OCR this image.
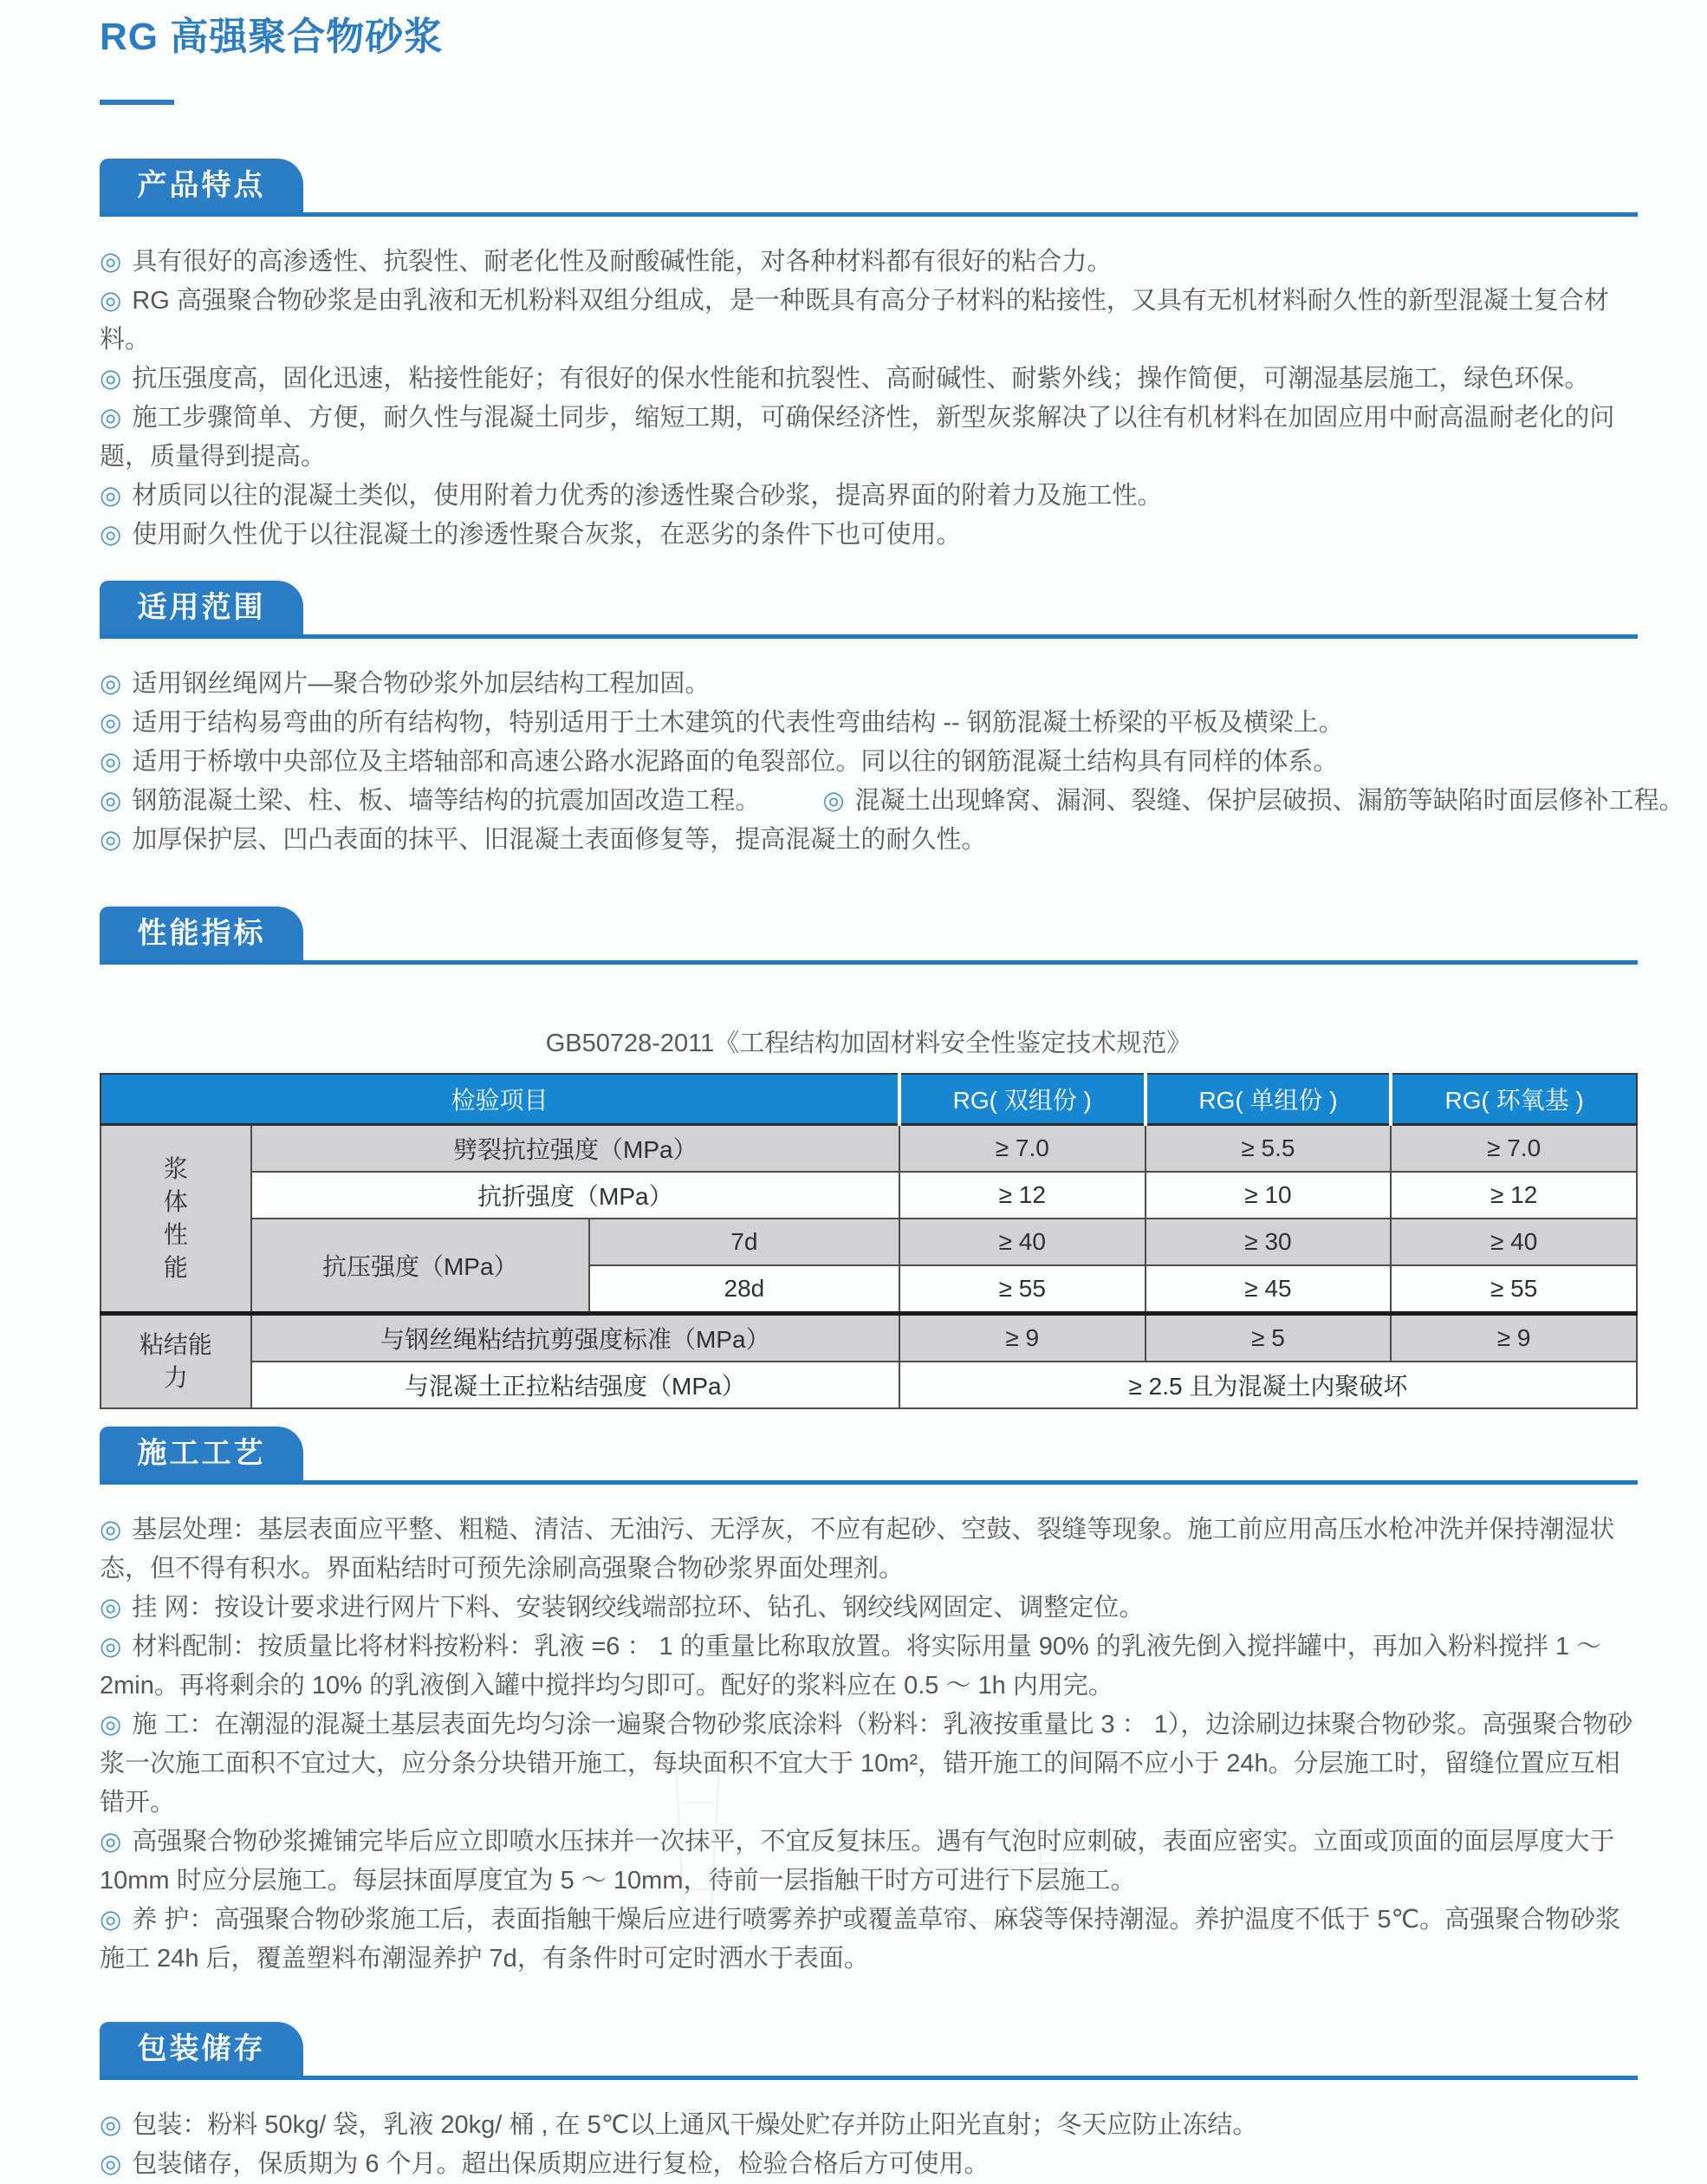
RG 高强聚合物砂浆
产品特点

◎ 具有很好的高渗透性、抗裂性、耐老化性及耐酸碱性能，对各种材料都有很好的粘合力。

◎ RG 高强聚合物砂浆是由乳液和无机粉料双组分组成，是一种既具有高分子材料的粘接性，又具有无机材料耐久性的新型混凝土复合材料。

◎ 抗压强度高，固化迅速，粘接性能好；有很好的保水性能和抗裂性、高耐碱性、耐紫外线；操作简便，可潮湿基层施工，绿色环保。

◎ 施工步骤简单、方便，耐久性与混凝土同步，缩短工期，可确保经济性，新型灰浆解决了以往有机材料在加固应用中耐高温耐老化的问题，质量得到提高。

◎ 材质同以往的混凝土类似，使用附着力优秀的渗透性聚合砂浆，提高界面的附着力及施工性。

◎ 使用耐久性优于以往混凝土的渗透性聚合灰浆，在恶劣的条件下也可使用。

适用范围

◎ 适用钢丝绳网片—聚合物砂浆外加层结构工程加固。

◎ 适用于结构易弯曲的所有结构物，特别适用于土木建筑的代表性弯曲结构 -- 钢筋混凝土桥梁的平板及横梁上。

◎ 适用于桥墩中央部位及主塔轴部和高速公路水泥路面的龟裂部位。同以往的钢筋混凝土结构具有同样的体系。

◎ 钢筋混凝土梁、柱、板、墙等结构的抗震加固改造工程。 ◎ 混凝土出现蜂窝、漏洞、裂缝、保护层破损、漏筋等缺陷时面层修补工程。

◎ 加厚保护层、凹凸表面的抹平、旧混凝土表面修复等，提高混凝土的耐久性。

性能指标
GB50728-2011《工程结构加固材料安全性鉴定技术规范》
检验项目			RG( 双组份 )	RG( 单组份 )	RG( 环氧基 )
浆
体
性
能	劈裂抗拉强度（MPa）		≥ 7.0	≥ 5.5	≥ 7.0
	抗折强度（MPa）		≥ 12	≥ 10	≥ 12
	抗压强度（MPa）	7d	≥ 40	≥ 30	≥ 40
		28d	≥ 55	≥ 45	≥ 55
粘结能
力	与钢丝绳粘结抗剪强度标准（MPa）		≥ 9	≥ 5	≥ 9
	与混凝土正拉粘结强度（MPa）		≥ 2.5 且为混凝土内聚破坏		
施工工艺

◎ 基层处理：基层表面应平整、粗糙、清洁、无油污、无浮灰，不应有起砂、空鼓、裂缝等现象。施工前应用高压水枪冲洗并保持潮湿状态，但不得有积水。界面粘结时可预先涂刷高强聚合物砂浆界面处理剂。

◎ 挂 网：按设计要求进行网片下料、安装钢绞线端部拉环、钻孔、钢绞线网固定、调整定位。

◎ 材料配制：按质量比将材料按粉料：乳液 =6 ： 1 的重量比称取放置。将实际用量 90% 的乳液先倒入搅拌罐中，再加入粉料搅拌 1 ～ 2min。再将剩余的 10% 的乳液倒入罐中搅拌均匀即可。配好的浆料应在 0.5 ～ 1h 内用完。

◎ 施 工：在潮湿的混凝土基层表面先均匀涂一遍聚合物砂浆底涂料（粉料：乳液按重量比 3 ： 1），边涂刷边抹聚合物砂浆。高强聚合物砂浆一次施工面积不宜过大，应分条分块错开施工，每块面积不宜大于 10m²，错开施工的间隔不应小于 24h。分层施工时，留缝位置应互相错开。

◎ 高强聚合物砂浆摊铺完毕后应立即喷水压抹并一次抹平，不宜反复抹压。遇有气泡时应刺破，表面应密实。立面或顶面的面层厚度大于 10mm 时应分层施工。每层抹面厚度宜为 5 ～ 10mm，待前一层指触干时方可进行下层施工。

◎ 养 护：高强聚合物砂浆施工后，表面指触干燥后应进行喷雾养护或覆盖草帘、麻袋等保持潮湿。养护温度不低于 5℃。高强聚合物砂浆施工 24h 后，覆盖塑料布潮湿养护 7d，有条件时可定时洒水于表面。

包装储存

◎ 包装：粉料 50kg/ 袋，乳液 20kg/ 桶 , 在 5℃以上通风干燥处贮存并防止阳光直射；冬天应防止冻结。

◎ 包装储存，保质期为 6 个月。超出保质期应进行复检，检验合格后方可使用。
